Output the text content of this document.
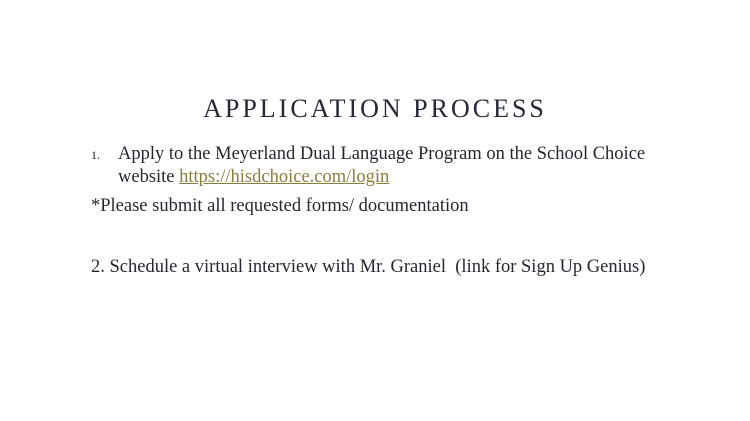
APPLICATION PROCESS
1. Apply to the Meyerland Dual Language Program on the School Choice website https://hisdchoice.com/login
*Please submit all requested forms/ documentation
2. Schedule a virtual interview with Mr. Graniel  (link for Sign Up Genius)
